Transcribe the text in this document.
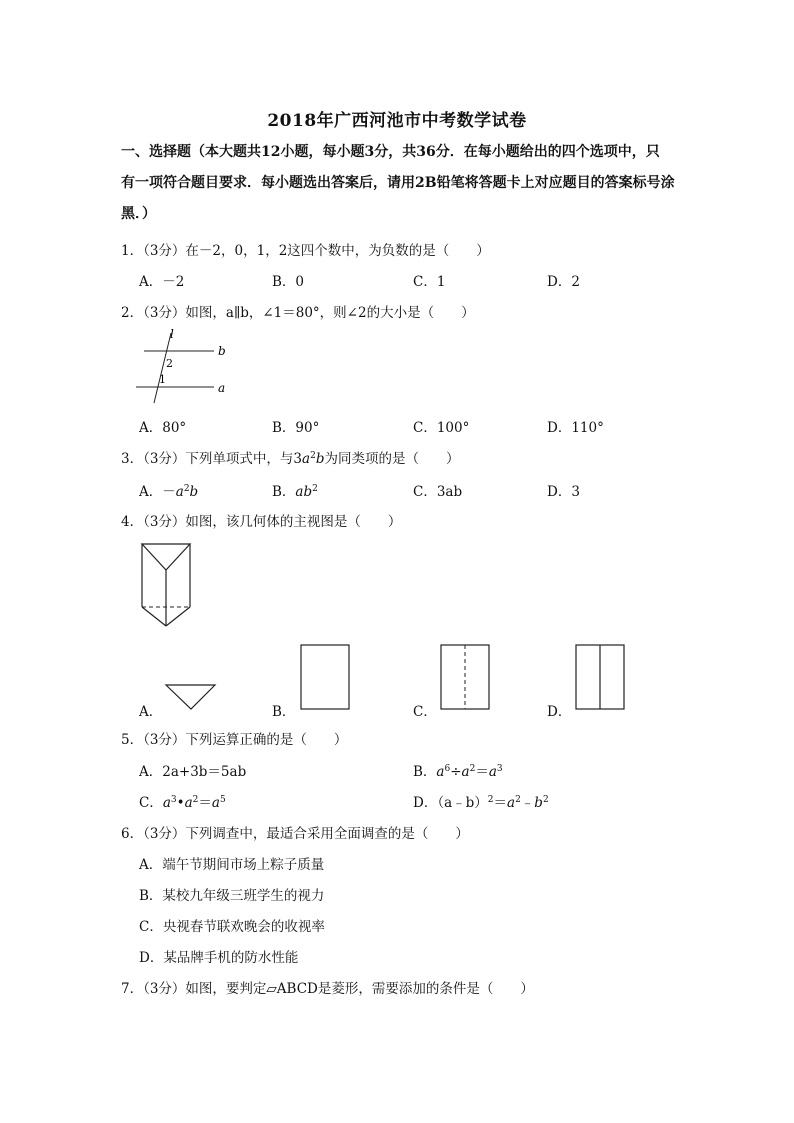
2018年广西河池市中考数学试卷
一、选择题（本大题共12小题，每小题3分，共36分．在每小题给出的四个选项中，只
有一项符合题目要求．每小题选出答案后，请用2B铅笔将答题卡上对应题目的答案标号涂
黑．）
1．（3分）在－2，0，1，2这四个数中，为负数的是（　　）
A．－2	B．0	C．1	D．2
2．（3分）如图，a∥b，∠1＝80°，则∠2的大小是（　　）
l
b
a
2
1
A．80°	B．90°	C．100°	D．110°
3．（3分）下列单项式中，与$3a^2b$为同类项的是（　　）
A．$-a^2b$	B．$ab^2$	C．3ab	D．3
4．（3分）如图，该几何体的主视图是（　　）
A．	B．	C．	D．
5．（3分）下列运算正确的是（　　）
A．2a+3b＝5ab	B．$a^6\div a^2=a^3$
C．$a^3•a^2=a^5$	D．$(a﹣b)^2=a^2﹣b^2$
6．（3分）下列调查中，最适合采用全面调查的是（　　）
A．端午节期间市场上粽子质量
B．某校九年级三班学生的视力
C．央视春节联欢晚会的收视率
D．某品牌手机的防水性能
7．（3分）如图，要判定▱ABCD是菱形，需要添加的条件是（　　）
